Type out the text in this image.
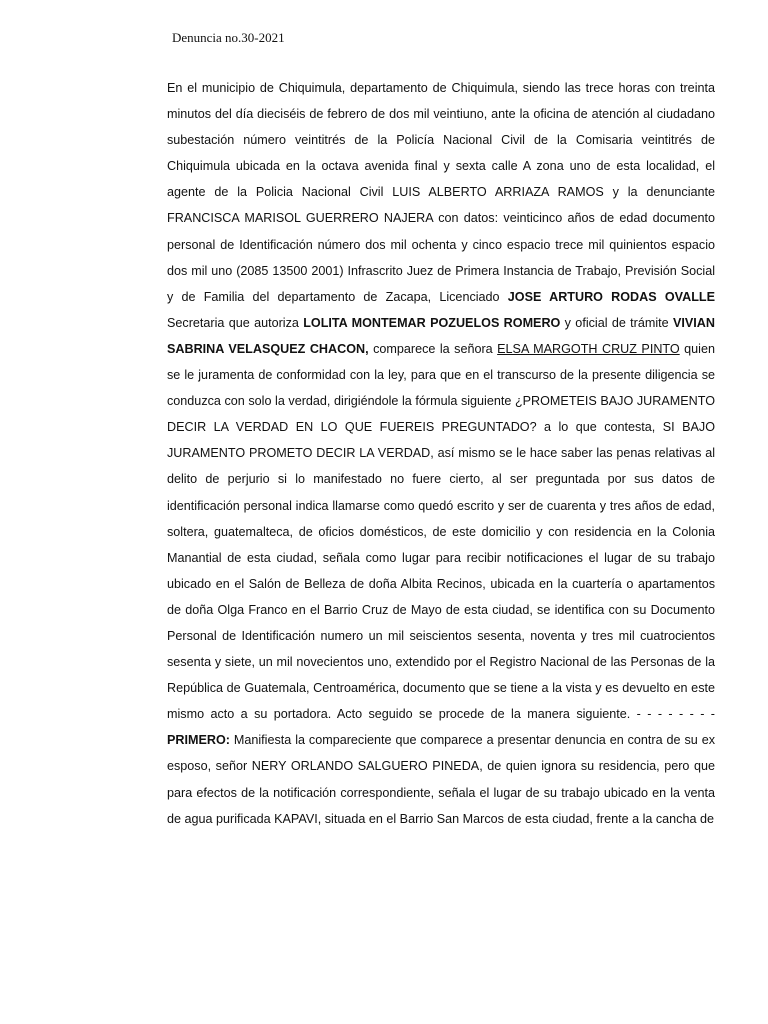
Denuncia no.30-2021

En el municipio de Chiquimula, departamento de Chiquimula, siendo las trece horas con treinta minutos del día dieciséis de febrero de dos mil veintiuno, ante la oficina de atención al ciudadano subestación número veintitrés de la Policía Nacional Civil de la Comisaria veintitrés de Chiquimula ubicada en la octava avenida final y sexta calle A zona uno de esta localidad, el agente de la Policia Nacional Civil LUIS ALBERTO ARRIAZA RAMOS y la denunciante FRANCISCA MARISOL GUERRERO NAJERA con datos: veinticinco años de edad documento personal de Identificación número dos mil ochenta y cinco espacio trece mil quinientos espacio dos mil uno (2085 13500 2001) Infrascrito Juez de Primera Instancia de Trabajo, Previsión Social y de Familia del departamento de Zacapa, Licenciado JOSE ARTURO RODAS OVALLE Secretaria que autoriza LOLITA MONTEMAR POZUELOS ROMERO y oficial de trámite VIVIAN SABRINA VELASQUEZ CHACON, comparece la señora ELSA MARGOTH CRUZ PINTO quien se le juramenta de conformidad con la ley, para que en el transcurso de la presente diligencia se conduzca con solo la verdad, dirigiéndole la fórmula siguiente ¿PROMETEIS BAJO JURAMENTO DECIR LA VERDAD EN LO QUE FUEREIS PREGUNTADO? a lo que contesta, SI BAJO JURAMENTO PROMETO DECIR LA VERDAD, así mismo se le hace saber las penas relativas al delito de perjurio si lo manifestado no fuere cierto, al ser preguntada por sus datos de identificación personal indica llamarse como quedó escrito y ser de cuarenta y tres años de edad, soltera, guatemalteca, de oficios domésticos, de este domicilio y con residencia en la Colonia Manantial de esta ciudad, señala como lugar para recibir notificaciones el lugar de su trabajo ubicado en el Salón de Belleza de doña Albita Recinos, ubicada en la cuartería o apartamentos de doña Olga Franco en el Barrio Cruz de Mayo de esta ciudad, se identifica con su Documento Personal de Identificación numero un mil seiscientos sesenta, noventa y tres mil cuatrocientos sesenta y siete, un mil novecientos uno, extendido por el Registro Nacional de las Personas de la República de Guatemala, Centroamérica, documento que se tiene a la vista y es devuelto en este mismo acto a su portadora. Acto seguido se procede de la manera siguiente. - - - - - - - - PRIMERO: Manifiesta la compareciente que comparece a presentar denuncia en contra de su ex esposo, señor NERY ORLANDO SALGUERO PINEDA, de quien ignora su residencia, pero que para efectos de la notificación correspondiente, señala el lugar de su trabajo ubicado en la venta de agua purificada KAPAVI, situada en el Barrio San Marcos de esta ciudad, frente a la cancha de
